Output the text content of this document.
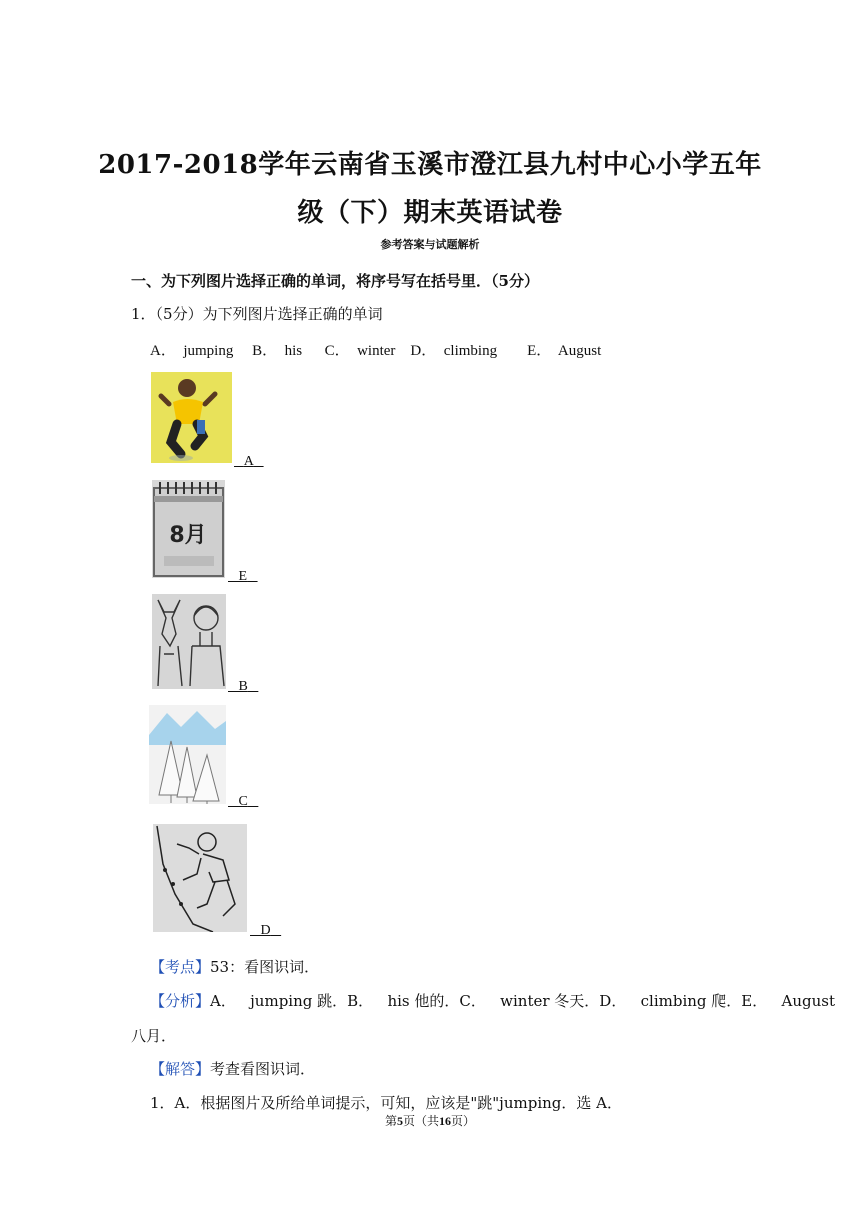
2017-2018学年云南省玉溪市澄江县九村中心小学五年
级（下）期末英语试卷
参考答案与试题解析
一、为下列图片选择正确的单词，将序号写在括号里．（5分）
1．（5分）为下列图片选择正确的单词
A．  jumping     B．  his      C．  winter    D．  climbing        E．  August
A
8月
E
B
C
D
【考点】53：看图识词．
【分析】A．   jumping 跳．B．   his 他的．C．   winter 冬天．D．   climbing 爬．E．   August
八月．
【解答】考查看图识词．
1．A．根据图片及所给单词提示，可知，应该是"跳"jumping．选 A．
第5页（共16页）
